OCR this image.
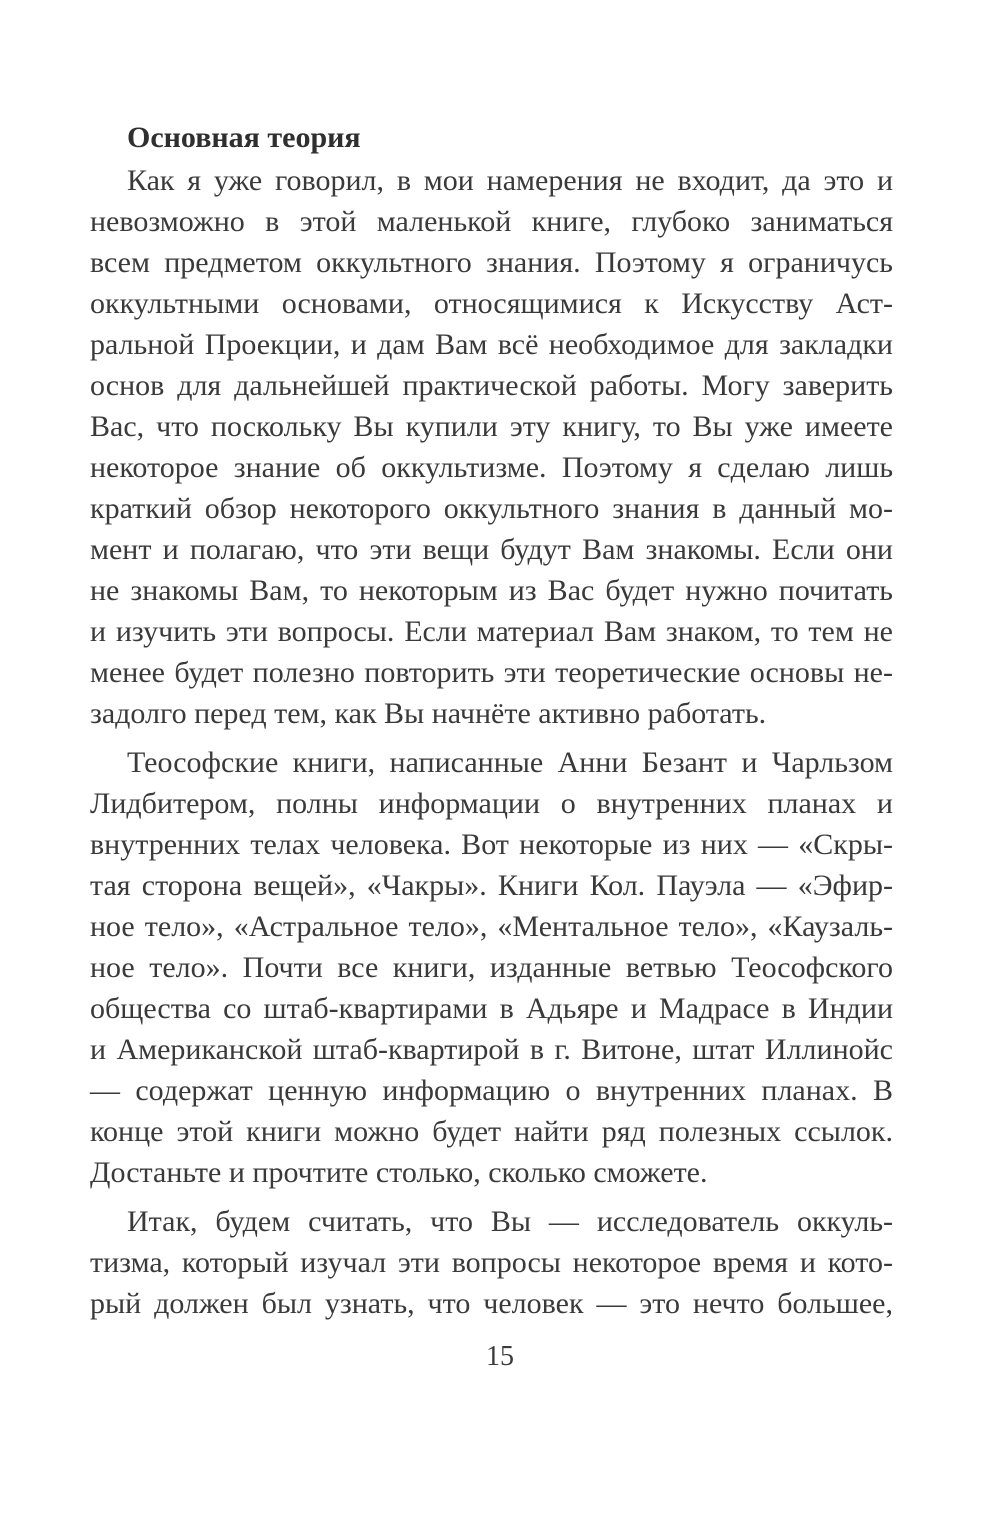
Основная теория
Как я уже говорил, в мои намерения не входит, да это и
невозможно в этой маленькой книге, глубоко заниматься
всем предметом оккультного знания. Поэтому я ограничусь
оккультными основами, относящимися к Искусству Аст-
ральной Проекции, и дам Вам всё необходимое для закладки
основ для дальнейшей практической работы. Могу заверить
Вас, что поскольку Вы купили эту книгу, то Вы уже имеете
некоторое знание об оккультизме. Поэтому я сделаю лишь
краткий обзор некоторого оккультного знания в данный мо-
мент и полагаю, что эти вещи будут Вам знакомы. Если они
не знакомы Вам, то некоторым из Вас будет нужно почитать
и изучить эти вопросы. Если материал Вам знаком, то тем не
менее будет полезно повторить эти теоретические основы не-
задолго перед тем, как Вы начнёте активно работать.
Теософские книги, написанные Анни Безант и Чарльзом
Лидбитером, полны информации о внутренних планах и
внутренних телах человека. Вот некоторые из них — «Скры-
тая сторона вещей», «Чакры». Книги Кол. Пауэла — «Эфир-
ное тело», «Астральное тело», «Ментальное тело», «Каузаль-
ное тело». Почти все книги, изданные ветвью Теософского
общества со штаб-квартирами в Адьяре и Мадрасе в Индии
и Американской штаб-квартирой в г. Витоне, штат Иллинойс
— содержат ценную информацию о внутренних планах. В
конце этой книги можно будет найти ряд полезных ссылок.
Достаньте и прочтите столько, сколько сможете.
Итак, будем считать, что Вы — исследователь оккуль-
тизма, который изучал эти вопросы некоторое время и кото-
рый должен был узнать, что человек — это нечто большее,
15
